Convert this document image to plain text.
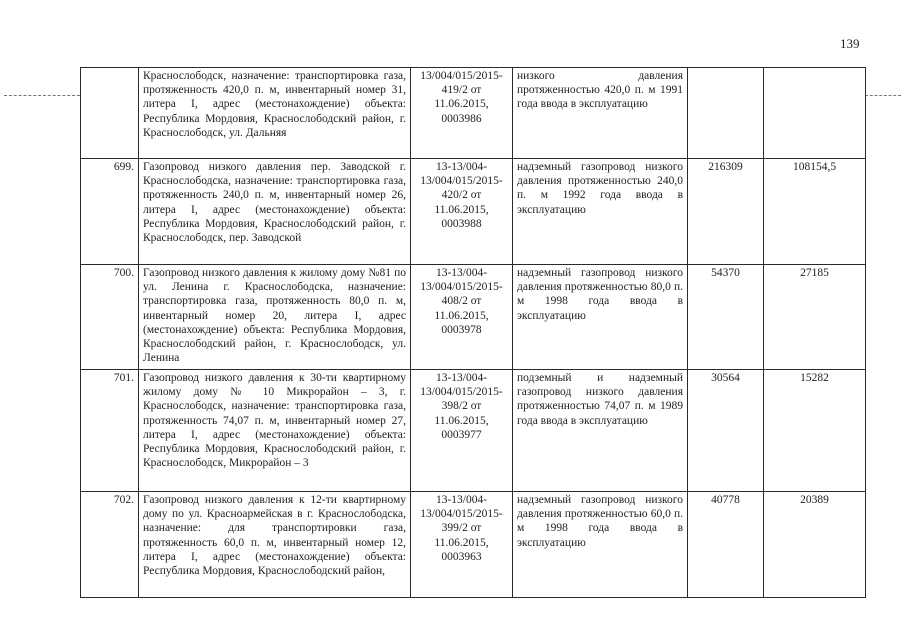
139
	Краснослободск, назначение: транспортировка газа, протяженность 420,0 п. м, инвентарный номер 31, литера I, адрес (местонахождение) объекта: Республика Мордовия, Краснослободский район, г. Краснослободск, ул. Дальняя	13/004/015/2015-419/2 от 11.06.2015, 0003986	низкого давления протяженностью 420,0 п. м 1991 года ввода в эксплуатацию		
699.	Газопровод низкого давления пер. Заводской г. Краснослободска, назначение: транспортировка газа, протяженность 240,0 п. м, инвентарный номер 26, литера I, адрес (местонахождение) объекта: Республика Мордовия, Краснослободский район, г. Краснослободск, пер. Заводской	13-13/004-13/004/015/2015-420/2 от 11.06.2015, 0003988	надземный газопровод низкого давления протяженностью 240,0 п. м 1992 года ввода в эксплуатацию	216309	108154,5
700.	Газопровод низкого давления к жилому дому №81 по ул. Ленина г. Краснослободска, назначение: транспортировка газа, протяженность 80,0 п. м, инвентарный номер 20, литера I, адрес (местонахождение) объекта: Республика Мордовия, Краснослободский район, г. Краснослободск, ул. Ленина	13-13/004-13/004/015/2015-408/2 от 11.06.2015, 0003978	надземный газопровод низкого давления протяженностью 80,0 п. м 1998 года ввода в эксплуатацию	54370	27185
701.	Газопровод низкого давления к 30-ти квартирному жилому дому № 10 Микрорайон – 3, г. Краснослободск, назначение: транспортировка газа, протяженность 74,07 п. м, инвентарный номер 27, литера I, адрес (местонахождение) объекта: Республика Мордовия, Краснослободский район, г. Краснослободск, Микрорайон – 3	13-13/004-13/004/015/2015-398/2 от 11.06.2015, 0003977	подземный и надземный газопровод низкого давления протяженностью 74,07 п. м 1989 года ввода в эксплуатацию	30564	15282
702.	Газопровод низкого давления к 12-ти квартирному дому по ул. Красноармейская в г. Краснослободска, назначение: для транспортировки газа, протяженность 60,0 п. м, инвентарный номер 12, литера I, адрес (местонахождение) объекта: Республика Мордовия, Краснослободский район,	13-13/004-13/004/015/2015-399/2 от 11.06.2015, 0003963	надземный газопровод низкого давления протяженностью 60,0 п. м 1998 года ввода в эксплуатацию	40778	20389
